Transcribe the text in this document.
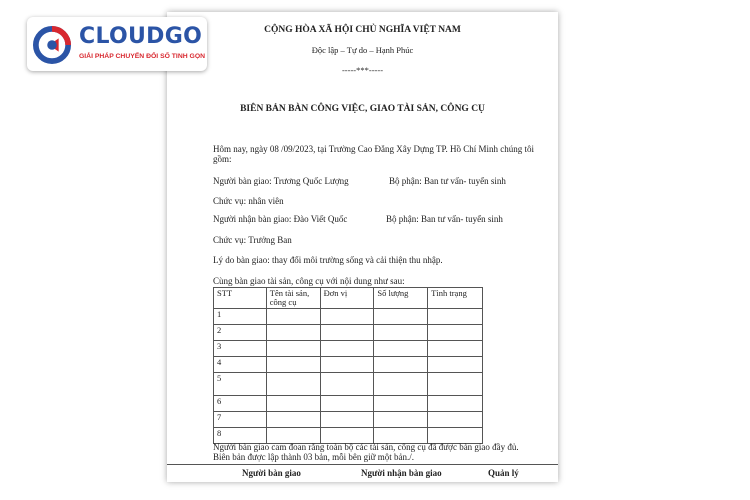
CLOUDGO
GIẢI PHÁP CHUYỂN ĐỔI SỐ TINH GỌN
CỘNG HÒA XÃ HỘI CHỦ NGHĨA VIỆT NAM
Độc lập – Tự do – Hạnh Phúc
-----***-----
BIÊN BẢN BÀN CÔNG VIỆC, GIAO TÀI SẢN, CÔNG CỤ
Hôm nay, ngày 08 /09/2023, tại Trường Cao Đẳng Xây Dựng TP. Hồ Chí Minh chúng tôi
gồm:
Người bàn giao: Trương Quốc Lượng	Bộ phận: Ban tư vấn- tuyển sinh
Chức vụ: nhân viên
Người nhận bàn giao: Đào Viết Quốc	Bộ phận: Ban tư vấn- tuyển sinh
Chức vụ: Trưởng Ban
Lý do bàn giao: thay đổi môi trường sống và cải thiện thu nhập.
Cùng bàn giao tài sản, công cụ với nội dung như sau:
STT	Tên tài sản, công cụ	Đơn vị	Số lượng	Tình trạng
1				
2				
3				
4				
5				
6				
7				
8				
Người bàn giao cam đoan rằng toàn bộ các tài sản, công cụ đã được bàn giao đầy đủ.
Biên bản được lập thành 03 bản, mỗi bên giữ một bản./.
Người bàn giao	Người nhận bàn giao	Quản lý
